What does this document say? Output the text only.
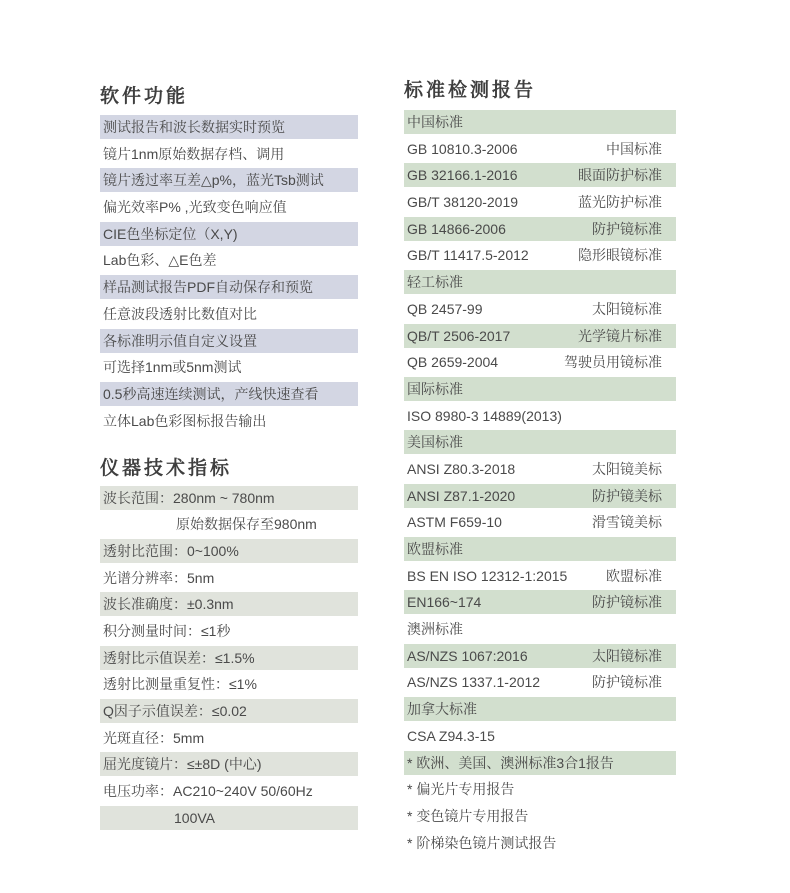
软件功能
测试报告和波长数据实时预览
镜片1nm原始数据存档、调用
镜片透过率互差△p%，蓝光Tsb测试
偏光效率P% ,光致变色响应值
CIE色坐标定位（X,Y)
Lab色彩、△E色差
样品测试报告PDF自动保存和预览
任意波段透射比数值对比
各标准明示值自定义设置
可选择1nm或5nm测试
0.5秒高速连续测试，产线快速查看
立体Lab色彩图标报告输出
仪器技术指标
波长范围：280nm ~ 780nm
原始数据保存至980nm
透射比范围：0~100%
光谱分辨率：5nm
波长准确度：±0.3nm
积分测量时间：≤1秒
透射比示值误差：≤1.5%
透射比测量重复性：≤1%
Q因子示值误差：≤0.02
光斑直径：5mm
屈光度镜片：≤±8D (中心)
电压功率：AC210~240V 50/60Hz
100VA
标准检测报告
中国标准
GB 10810.3-2006	中国标准
GB 32166.1-2016	眼面防护标准
GB/T 38120-2019	蓝光防护标准
GB 14866-2006	防护镜标准
GB/T 11417.5-2012	隐形眼镜标准
轻工标准
QB 2457-99	太阳镜标准
QB/T 2506-2017	光学镜片标准
QB 2659-2004	驾驶员用镜标准
国际标准
ISO 8980-3 14889(2013)
美国标准
ANSI Z80.3-2018	太阳镜美标
ANSI Z87.1-2020	防护镜美标
ASTM F659-10	滑雪镜美标
欧盟标准
BS EN ISO 12312-1:2015	欧盟标准
EN166~174	防护镜标准
澳洲标准
AS/NZS 1067:2016	太阳镜标准
AS/NZS 1337.1-2012	防护镜标准
加拿大标准
CSA Z94.3-15
* 欧洲、美国、澳洲标准3合1报告
* 偏光片专用报告
* 变色镜片专用报告
* 阶梯染色镜片测试报告
